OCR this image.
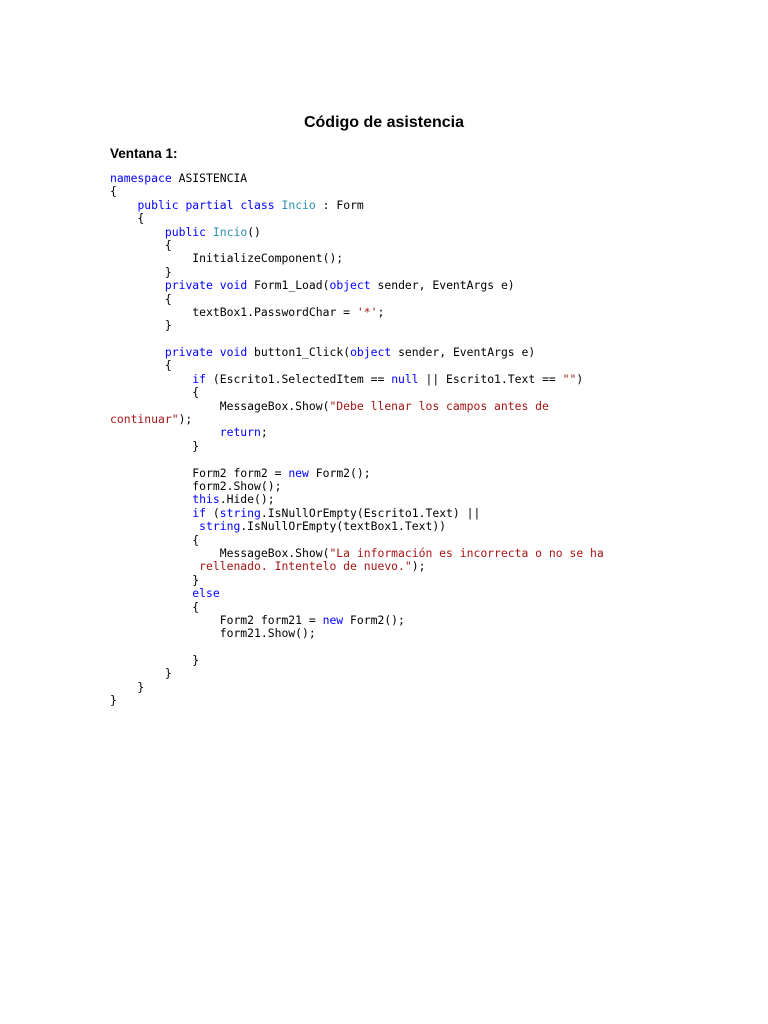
Código de asistencia
Ventana 1:
namespace ASISTENCIA
{
public partial class Incio : Form
{
public Incio()
{
InitializeComponent();
}
private void Form1_Load(object sender, EventArgs e)
{
textBox1.PasswordChar = '*';
}
private void button1_Click(object sender, EventArgs e)
{
if (Escrito1.SelectedItem == null || Escrito1.Text == "")
{
MessageBox.Show("Debe llenar los campos antes de
continuar");
return;
}
Form2 form2 = new Form2();
form2.Show();
this.Hide();
if (string.IsNullOrEmpty(Escrito1.Text) ||
string.IsNullOrEmpty(textBox1.Text))
{
MessageBox.Show("La información es incorrecta o no se ha
rellenado. Intentelo de nuevo.");
}
else
{
Form2 form21 = new Form2();
form21.Show();
}
}
}
}
